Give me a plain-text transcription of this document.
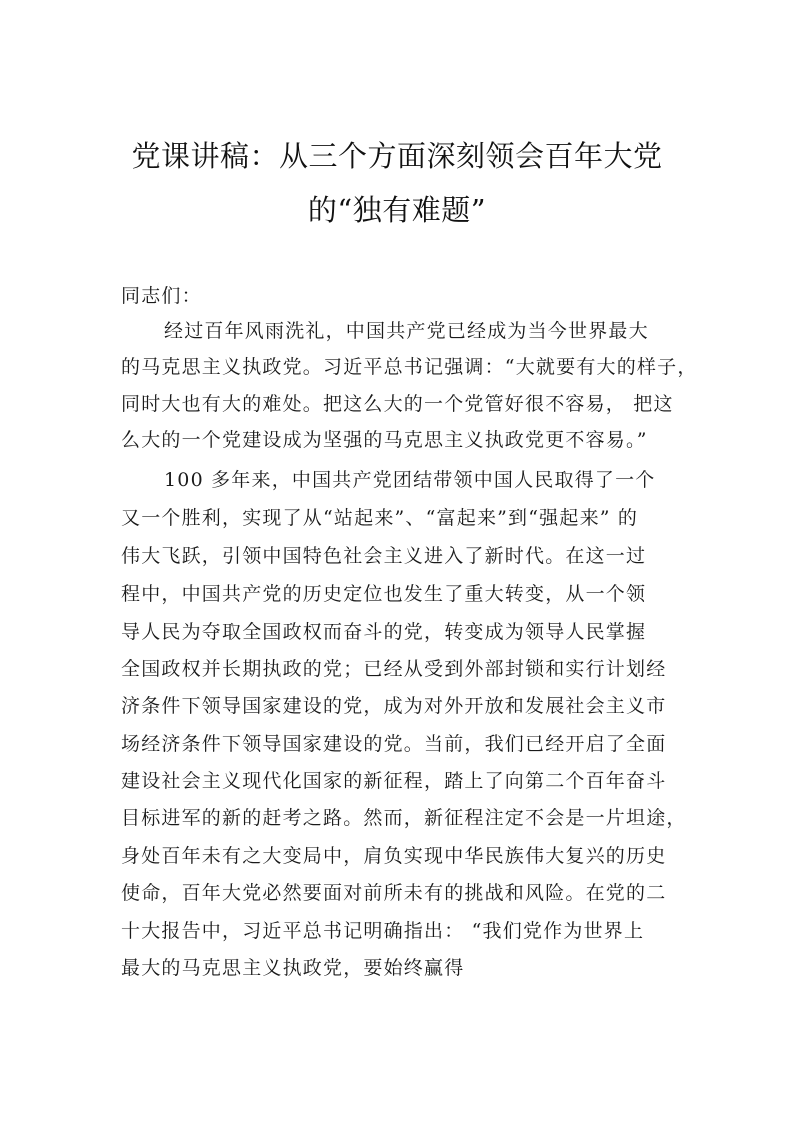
党课讲稿：从三个方面深刻领会百年大党
的“独有难题”
同志们：
经过百年风雨洗礼，中国共产党已经成为当今世界最大
的马克思主义执政党。习近平总书记强调：“大就要有大的样子，
同时大也有大的难处。把这么大的一个党管好很不容易， 把这
么大的一个党建设成为坚强的马克思主义执政党更不容易。”
100 多年来，中国共产党团结带领中国人民取得了一个
又一个胜利，实现了从“站起来”、“富起来”到“强起来” 的
伟大飞跃，引领中国特色社会主义进入了新时代。在这一过
程中，中国共产党的历史定位也发生了重大转变，从一个领
导人民为夺取全国政权而奋斗的党，转变成为领导人民掌握
全国政权并长期执政的党；已经从受到外部封锁和实行计划经
济条件下领导国家建设的党，成为对外开放和发展社会主义市
场经济条件下领导国家建设的党。当前，我们已经开启了全面
建设社会主义现代化国家的新征程，踏上了向第二个百年奋斗
目标进军的新的赶考之路。然而，新征程注定不会是一片坦途，
身处百年未有之大变局中，肩负实现中华民族伟大复兴的历史
使命，百年大党必然要面对前所未有的挑战和风险。在党的二
十大报告中，习近平总书记明确指出： “我们党作为世界上
最大的马克思主义执政党，要始终赢得
